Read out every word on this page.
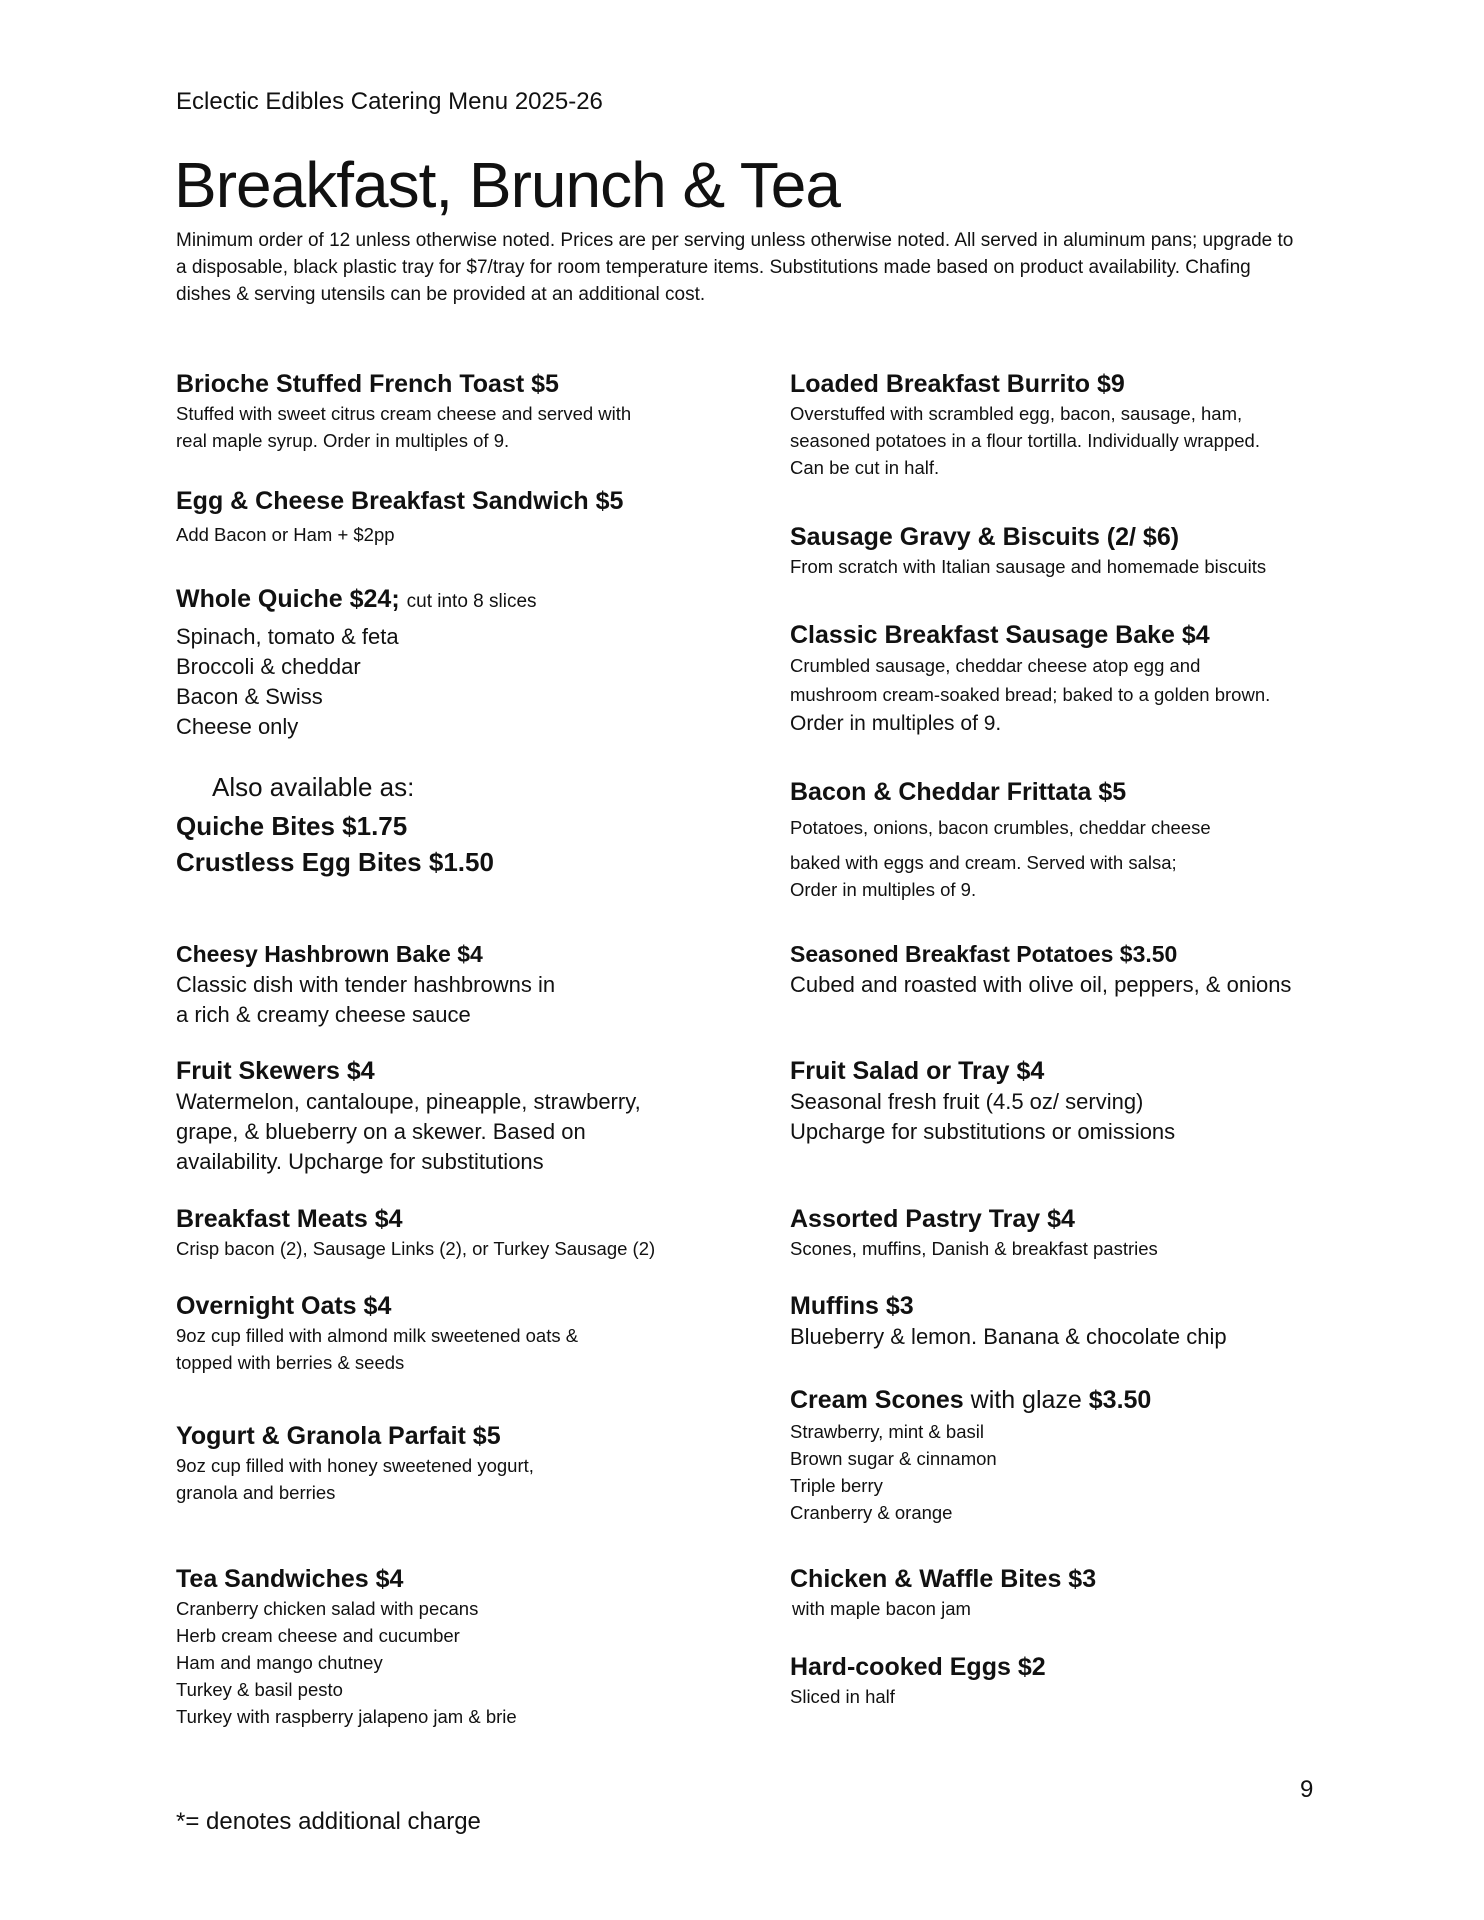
Eclectic Edibles Catering Menu 2025-26
Breakfast, Brunch & Tea
Minimum order of 12 unless otherwise noted. Prices are per serving unless otherwise noted. All served in aluminum pans; upgrade to a disposable, black plastic tray for $7/tray for room temperature items. Substitutions made based on product availability. Chafing dishes & serving utensils can be provided at an additional cost.
Brioche Stuffed French Toast $5
Stuffed with sweet citrus cream cheese and served with
real maple syrup. Order in multiples of 9.
Egg & Cheese Breakfast Sandwich $5
Add Bacon or Ham + $2pp
Whole Quiche $24; cut into 8 slices
Spinach, tomato & feta
Broccoli & cheddar
Bacon & Swiss
Cheese only
Also available as:
Quiche Bites $1.75
Crustless Egg Bites $1.50
Cheesy Hashbrown Bake $4
Classic dish with tender hashbrowns in
a rich & creamy cheese sauce
Fruit Skewers $4
Watermelon, cantaloupe, pineapple, strawberry,
grape, & blueberry on a skewer. Based on
availability. Upcharge for substitutions
Breakfast Meats $4
Crisp bacon (2), Sausage Links (2), or Turkey Sausage (2)
Overnight Oats $4
9oz cup filled with almond milk sweetened oats &
topped with berries & seeds
Yogurt & Granola Parfait $5
9oz cup filled with honey sweetened yogurt,
granola and berries
Tea Sandwiches $4
Cranberry chicken salad with pecans
Herb cream cheese and cucumber
Ham and mango chutney
Turkey & basil pesto
Turkey with raspberry jalapeno jam & brie
Loaded Breakfast Burrito $9
Overstuffed with scrambled egg, bacon, sausage, ham,
seasoned potatoes in a flour tortilla. Individually wrapped.
Can be cut in half.
Sausage Gravy & Biscuits (2/ $6)
From scratch with Italian sausage and homemade biscuits
Classic Breakfast Sausage Bake $4
Crumbled sausage, cheddar cheese atop egg and
mushroom cream-soaked bread; baked to a golden brown.
Order in multiples of 9.
Bacon & Cheddar Frittata $5
Potatoes, onions, bacon crumbles, cheddar cheese
baked with eggs and cream. Served with salsa;
Order in multiples of 9.
Seasoned Breakfast Potatoes $3.50
Cubed and roasted with olive oil, peppers, & onions
Fruit Salad or Tray $4
Seasonal fresh fruit (4.5 oz/ serving)
Upcharge for substitutions or omissions
Assorted Pastry Tray $4
Scones, muffins, Danish & breakfast pastries
Muffins $3
Blueberry & lemon. Banana & chocolate chip
Cream Scones with glaze $3.50
Strawberry, mint & basil
Brown sugar & cinnamon
Triple berry
Cranberry & orange
Chicken & Waffle Bites $3
with maple bacon jam
Hard-cooked Eggs $2
Sliced in half
9
*= denotes additional charge
